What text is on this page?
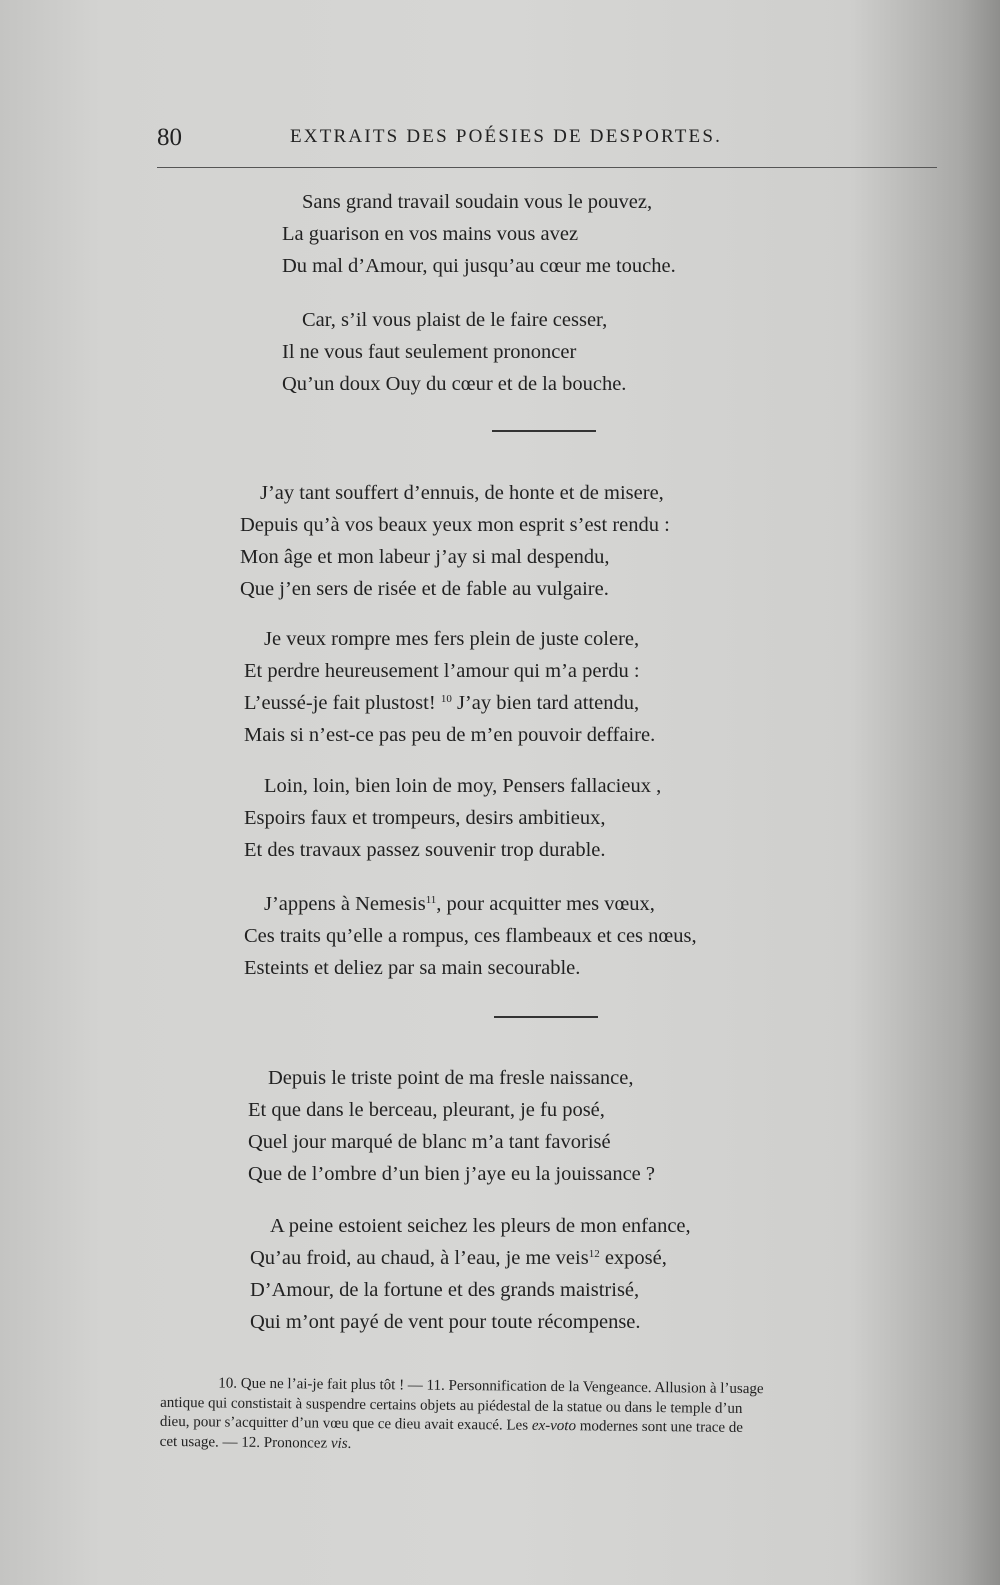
80	EXTRAITS DES POÉSIES DE DESPORTES.
Sans grand travail soudain vous le pouvez,
La guarison en vos mains vous avez
Du mal d’Amour, qui jusqu’au cœur me touche.
Car, s’il vous plaist de le faire cesser,
Il ne vous faut seulement prononcer
Qu’un doux Ouy du cœur et de la bouche.
J’ay tant souffert d’ennuis, de honte et de misere,
Depuis qu’à vos beaux yeux mon esprit s’est rendu :
Mon âge et mon labeur j’ay si mal despendu,
Que j’en sers de risée et de fable au vulgaire.
Je veux rompre mes fers plein de juste colere,
Et perdre heureusement l’amour qui m’a perdu :
L’eussé-je fait plustost! $^{10}$ J’ay bien tard attendu,
Mais si n’est-ce pas peu de m’en pouvoir deffaire.
Loin, loin, bien loin de moy, Pensers fallacieux ,
Espoirs faux et trompeurs, desirs ambitieux,
Et des travaux passez souvenir trop durable.
J’appens à Nemesis$^{11}$, pour acquitter mes vœux,
Ces traits qu’elle a rompus, ces flambeaux et ces nœus,
Esteints et deliez par sa main secourable.
Depuis le triste point de ma fresle naissance,
Et que dans le berceau, pleurant, je fu posé,
Quel jour marqué de blanc m’a tant favorisé
Que de l’ombre d’un bien j’aye eu la jouissance ?
A peine estoient seichez les pleurs de mon enfance,
Qu’au froid, au chaud, à l’eau, je me veis$^{12}$ exposé,
D’Amour, de la fortune et des grands maistrisé,
Qui m’ont payé de vent pour toute récompense.
10. Que ne l’ai-je fait plus tôt ! — 11. Personnification de la Vengeance. Allusion à l’usage
antique qui constistait à suspendre certains objets au piédestal de la statue ou dans le temple d’un
dieu, pour s’acquitter d’un vœu que ce dieu avait exaucé. Les ex-voto modernes sont une trace de
cet usage. — 12. Prononcez vis.
